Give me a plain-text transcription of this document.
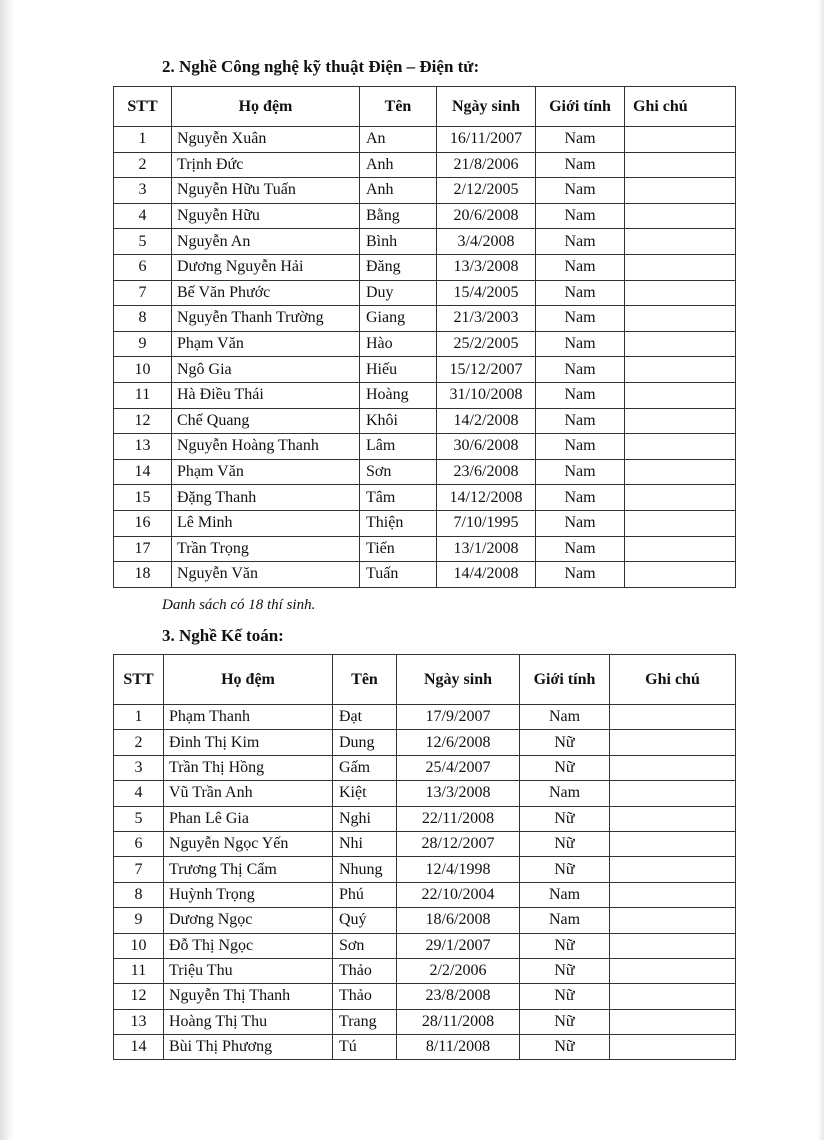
2. Nghề Công nghệ kỹ thuật Điện – Điện tử:
STT	Họ đệm	Tên	Ngày sinh	Giới tính	Ghi chú
1	Nguyễn Xuân	An	16/11/2007	Nam	
2	Trịnh Đức	Anh	21/8/2006	Nam	
3	Nguyễn Hữu Tuấn	Anh	2/12/2005	Nam	
4	Nguyễn Hữu	Bằng	20/6/2008	Nam	
5	Nguyễn An	Bình	3/4/2008	Nam	
6	Dương Nguyễn Hải	Đăng	13/3/2008	Nam	
7	Bế Văn Phước	Duy	15/4/2005	Nam	
8	Nguyễn Thanh Trường	Giang	21/3/2003	Nam	
9	Phạm Văn	Hào	25/2/2005	Nam	
10	Ngô Gia	Hiếu	15/12/2007	Nam	
11	Hà Điều Thái	Hoàng	31/10/2008	Nam	
12	Chế Quang	Khôi	14/2/2008	Nam	
13	Nguyễn Hoàng Thanh	Lâm	30/6/2008	Nam	
14	Phạm Văn	Sơn	23/6/2008	Nam	
15	Đặng Thanh	Tâm	14/12/2008	Nam	
16	Lê Minh	Thiện	7/10/1995	Nam	
17	Trần Trọng	Tiến	13/1/2008	Nam	
18	Nguyễn Văn	Tuấn	14/4/2008	Nam	
Danh sách có 18 thí sinh.
3. Nghề Kế toán:
STT	Họ đệm	Tên	Ngày sinh	Giới tính	Ghi chú
1	Phạm Thanh	Đạt	17/9/2007	Nam	
2	Đinh Thị Kim	Dung	12/6/2008	Nữ	
3	Trần Thị Hồng	Gấm	25/4/2007	Nữ	
4	Vũ Trần Anh	Kiệt	13/3/2008	Nam	
5	Phan Lê Gia	Nghi	22/11/2008	Nữ	
6	Nguyễn Ngọc Yến	Nhi	28/12/2007	Nữ	
7	Trương Thị Cẩm	Nhung	12/4/1998	Nữ	
8	Huỳnh Trọng	Phú	22/10/2004	Nam	
9	Dương Ngọc	Quý	18/6/2008	Nam	
10	Đỗ Thị Ngọc	Sơn	29/1/2007	Nữ	
11	Triệu Thu	Thảo	2/2/2006	Nữ	
12	Nguyễn Thị Thanh	Thảo	23/8/2008	Nữ	
13	Hoàng Thị Thu	Trang	28/11/2008	Nữ	
14	Bùi Thị Phương	Tú	8/11/2008	Nữ	
